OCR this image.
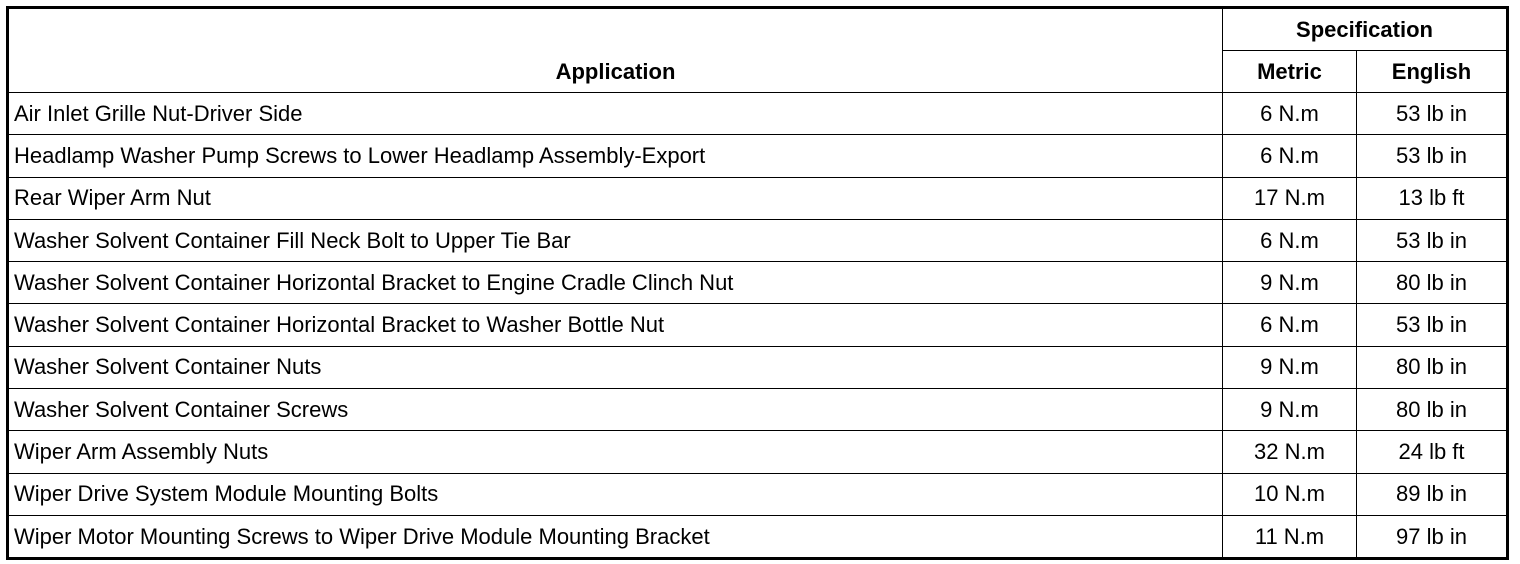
Application	Specification	
	Metric	English
Air Inlet Grille Nut-Driver Side	6 N.m	53 lb in
Headlamp Washer Pump Screws to Lower Headlamp Assembly-Export	6 N.m	53 lb in
Rear Wiper Arm Nut	17 N.m	13 lb ft
Washer Solvent Container Fill Neck Bolt to Upper Tie Bar	6 N.m	53 lb in
Washer Solvent Container Horizontal Bracket to Engine Cradle Clinch Nut	9 N.m	80 lb in
Washer Solvent Container Horizontal Bracket to Washer Bottle Nut	6 N.m	53 lb in
Washer Solvent Container Nuts	9 N.m	80 lb in
Washer Solvent Container Screws	9 N.m	80 lb in
Wiper Arm Assembly Nuts	32 N.m	24 lb ft
Wiper Drive System Module Mounting Bolts	10 N.m	89 lb in
Wiper Motor Mounting Screws to Wiper Drive Module Mounting Bracket	11 N.m	97 lb in
